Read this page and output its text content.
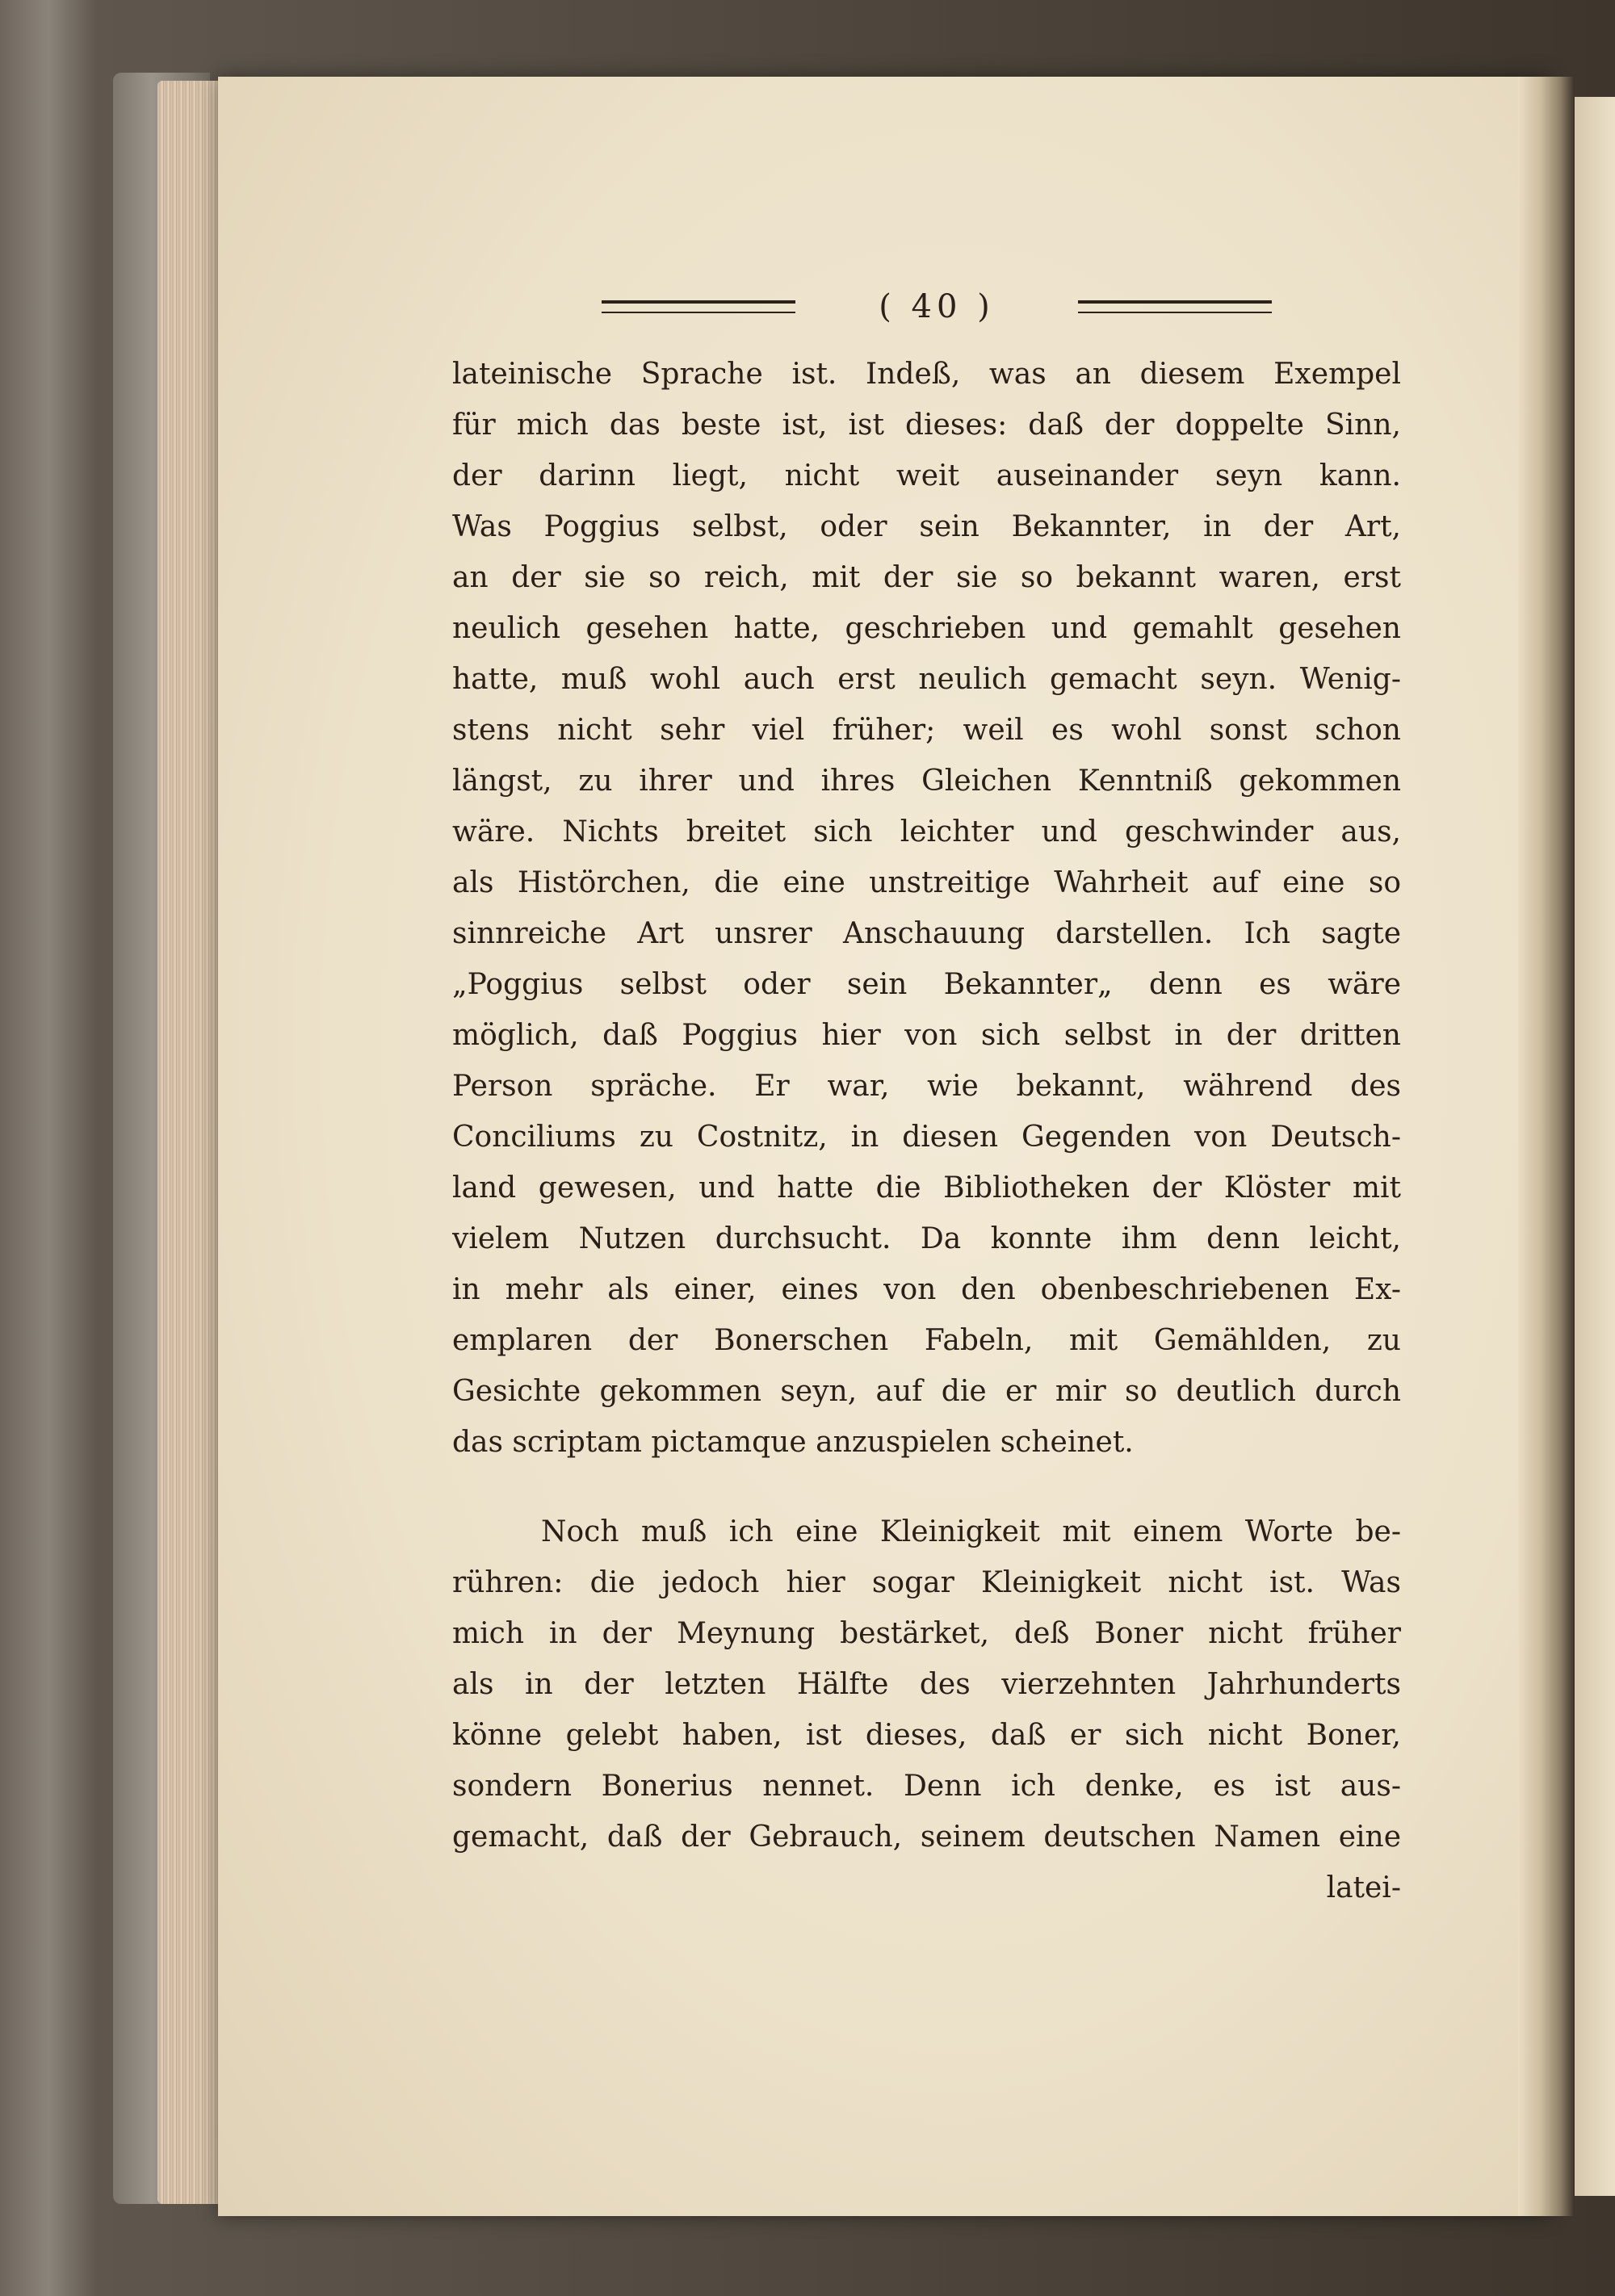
( 40 )
lateinische Sprache ist. Indeß, was an diesem Exempel
für mich das beste ist, ist dieses: daß der doppelte Sinn,
der darinn liegt, nicht weit auseinander seyn kann.
Was Poggius selbst, oder sein Bekannter, in der Art,
an der sie so reich, mit der sie so bekannt waren, erst
neulich gesehen hatte, geschrieben und gemahlt gesehen
hatte, muß wohl auch erst neulich gemacht seyn. Wenig-
stens nicht sehr viel früher; weil es wohl sonst schon
längst, zu ihrer und ihres Gleichen Kenntniß gekommen
wäre. Nichts breitet sich leichter und geschwinder aus,
als Histörchen, die eine unstreitige Wahrheit auf eine so
sinnreiche Art unsrer Anschauung darstellen. Ich sagte
„Poggius selbst oder sein Bekannter„ denn es wäre
möglich, daß Poggius hier von sich selbst in der dritten
Person spräche. Er war, wie bekannt, während des
Conciliums zu Costnitz, in diesen Gegenden von Deutsch-
land gewesen, und hatte die Bibliotheken der Klöster mit
vielem Nutzen durchsucht. Da konnte ihm denn leicht,
in mehr als einer, eines von den obenbeschriebenen Ex-
emplaren der Bonerschen Fabeln, mit Gemählden, zu
Gesichte gekommen seyn, auf die er mir so deutlich durch
das scriptam pictamque anzuspielen scheinet.
Noch muß ich eine Kleinigkeit mit einem Worte be-
rühren: die jedoch hier sogar Kleinigkeit nicht ist. Was
mich in der Meynung bestärket, deß Boner nicht früher
als in der letzten Hälfte des vierzehnten Jahrhunderts
könne gelebt haben, ist dieses, daß er sich nicht Boner,
sondern Bonerius nennet. Denn ich denke, es ist aus-
gemacht, daß der Gebrauch, seinem deutschen Namen eine
latei-
